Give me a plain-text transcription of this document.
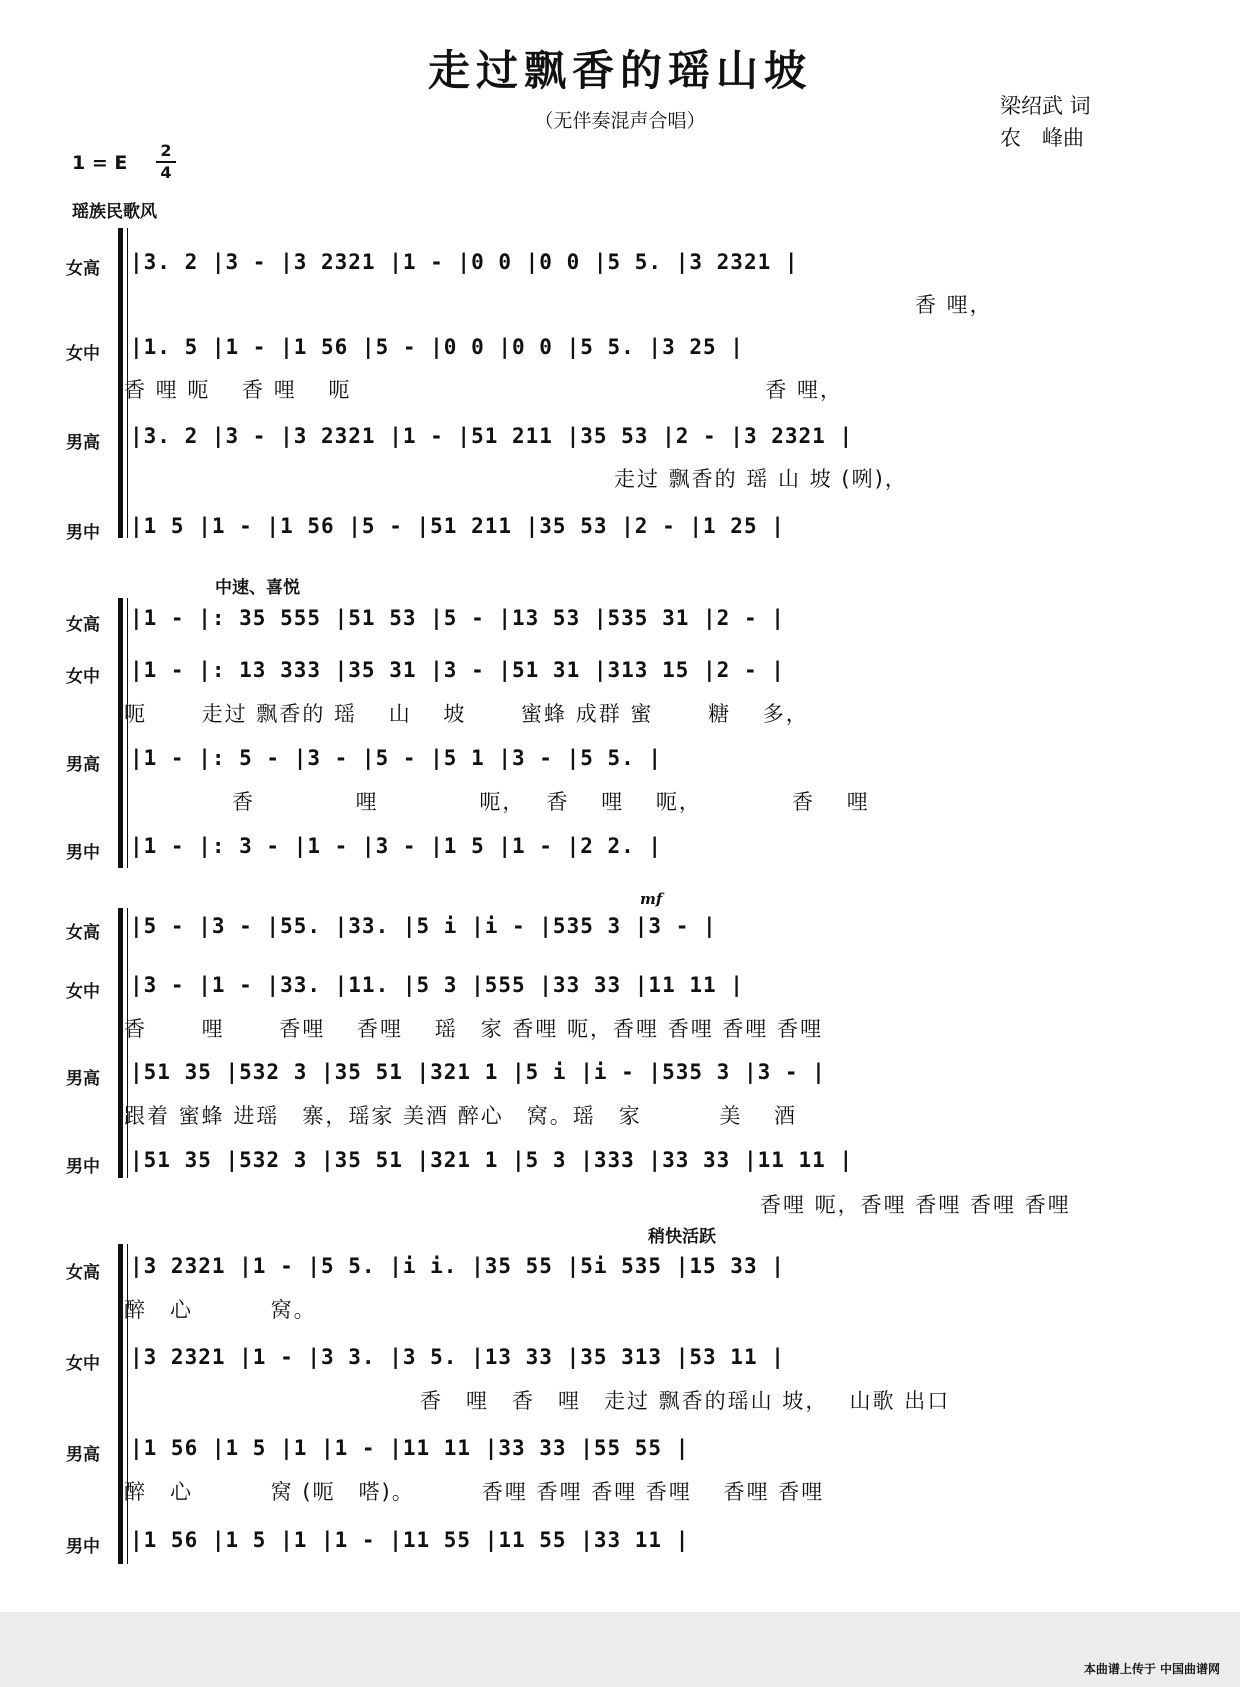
走过飘香的瑶山坡
（无伴奏混声合唱）
梁绍武 词
农　峰曲
1 = E $\frac{2}{4}$
瑶族民歌风
女高	|3. 2 |3 - |3 2321 |1 - |0 0 |0 0 |5 5. |3 2321 |
香 哩，
女中	|1. 5 |1 - |1 56 |5 - |0 0 |0 0 |5 5. |3 25 |
香 哩 呃　 香 哩　 呃　　　　　　　　　　　　　　　　　　香 哩，
男高	|3. 2 |3 - |3 2321 |1 - |51 211 |35 53 |2 - |3 2321 |
走过 飘香的 瑶 山 坡 (咧)，
男中	|1 5 |1 - |1 56 |5 - |51 211 |35 53 |2 - |1 25 |
中速、喜悦
女高	|1 - |: 35 555 |51 53 |5 - |13 53 |535 31 |2 - |
女中	|1 - |: 13 333 |35 31 |3 - |51 31 |313 15 |2 - |
呃　　 走过 飘香的 瑶　 山　 坡　　 蜜蜂 成群 蜜　　 糖　 多，
男高	|1 - |: 5 - |3 - |5 - |5 1 |3 - |5 5. |
香　　　　 哩　　　　 呃，　 香　 哩　 呃，　　　　 香　 哩
男中	|1 - |: 3 - |1 - |3 - |1 5 |1 - |2 2. |
mf
女高	|5 - |3 - |55. |33. |5 i |i - |535 3 |3 - |
女中	|3 - |1 - |33. |11. |5 3 |555 |33 33 |11 11 |
香　　 哩　　 香哩　 香哩　 瑶　家 香哩 呃，香哩 香哩 香哩 香哩
男高	|51 35 |532 3 |35 51 |321 1 |5 i |i - |535 3 |3 - |
跟着 蜜蜂 进瑶　寨，瑶家 美酒 醉心　窝。瑶　家　　　 美　 酒
男中	|51 35 |532 3 |35 51 |321 1 |5 3 |333 |33 33 |11 11 |
香哩 呃，香哩 香哩 香哩 香哩
稍快活跃
女高	|3 2321 |1 - |5 5. |i i. |35 55 |5i 535 |15 33 |
醉　心　　　 窝。
女中	|3 2321 |1 - |3 3. |3 5. |13 33 |35 313 |53 11 |
香　哩　香　哩　走过 飘香的瑶山 坡，　 山歌 出口
男高	|1 56 |1 5 |1 |1 - |11 11 |33 33 |55 55 |
醉　心　　　 窝 (呃　嗒)。　　　 香哩 香哩 香哩 香哩　 香哩 香哩
男中	|1 56 |1 5 |1 |1 - |11 55 |11 55 |33 11 |
本曲谱上传于 中国曲谱网
